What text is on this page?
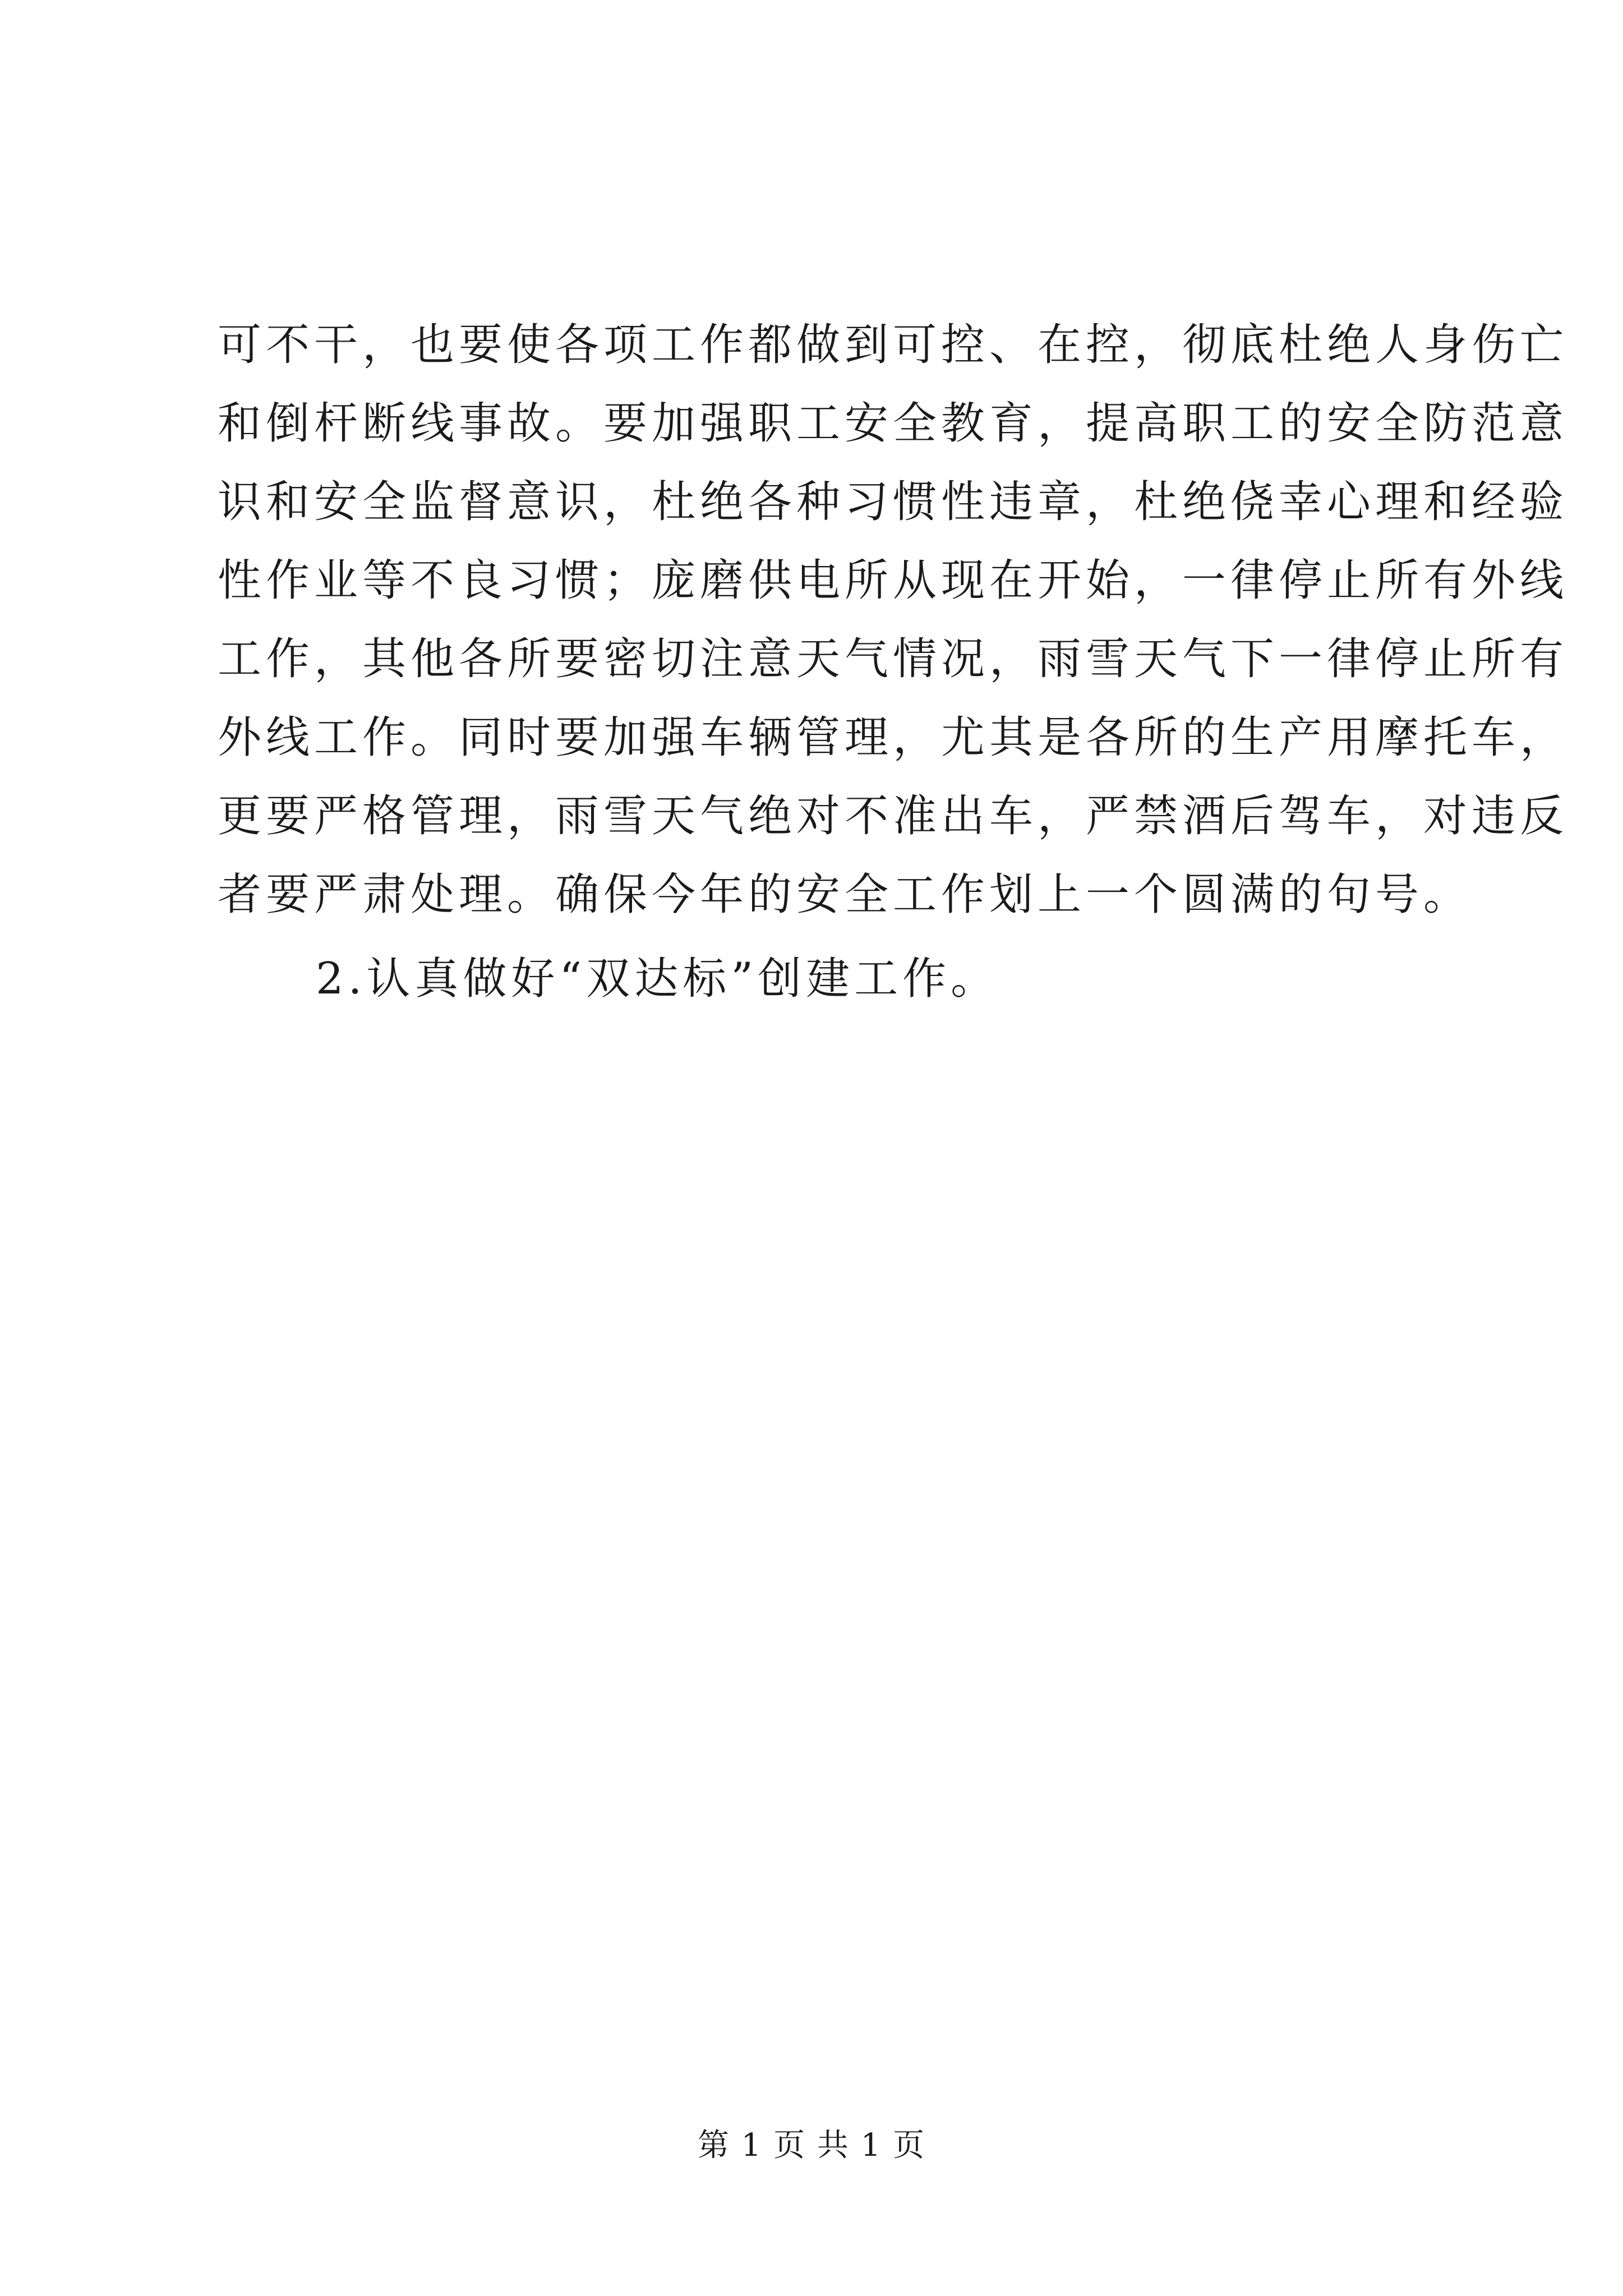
可不干，也要使各项工作都做到可控、在控，彻底杜绝人身伤亡
和倒杆断线事故。要加强职工安全教育，提高职工的安全防范意
识和安全监督意识，杜绝各种习惯性违章，杜绝侥幸心理和经验
性作业等不良习惯；庞磨供电所从现在开始，一律停止所有外线
工作，其他各所要密切注意天气情况，雨雪天气下一律停止所有
外线工作。同时要加强车辆管理，尤其是各所的生产用摩托车，
更要严格管理，雨雪天气绝对不准出车，严禁酒后驾车，对违反
者要严肃处理。确保今年的安全工作划上一个圆满的句号。
2.认真做好“双达标”创建工作。
第 1 页 共 1 页
